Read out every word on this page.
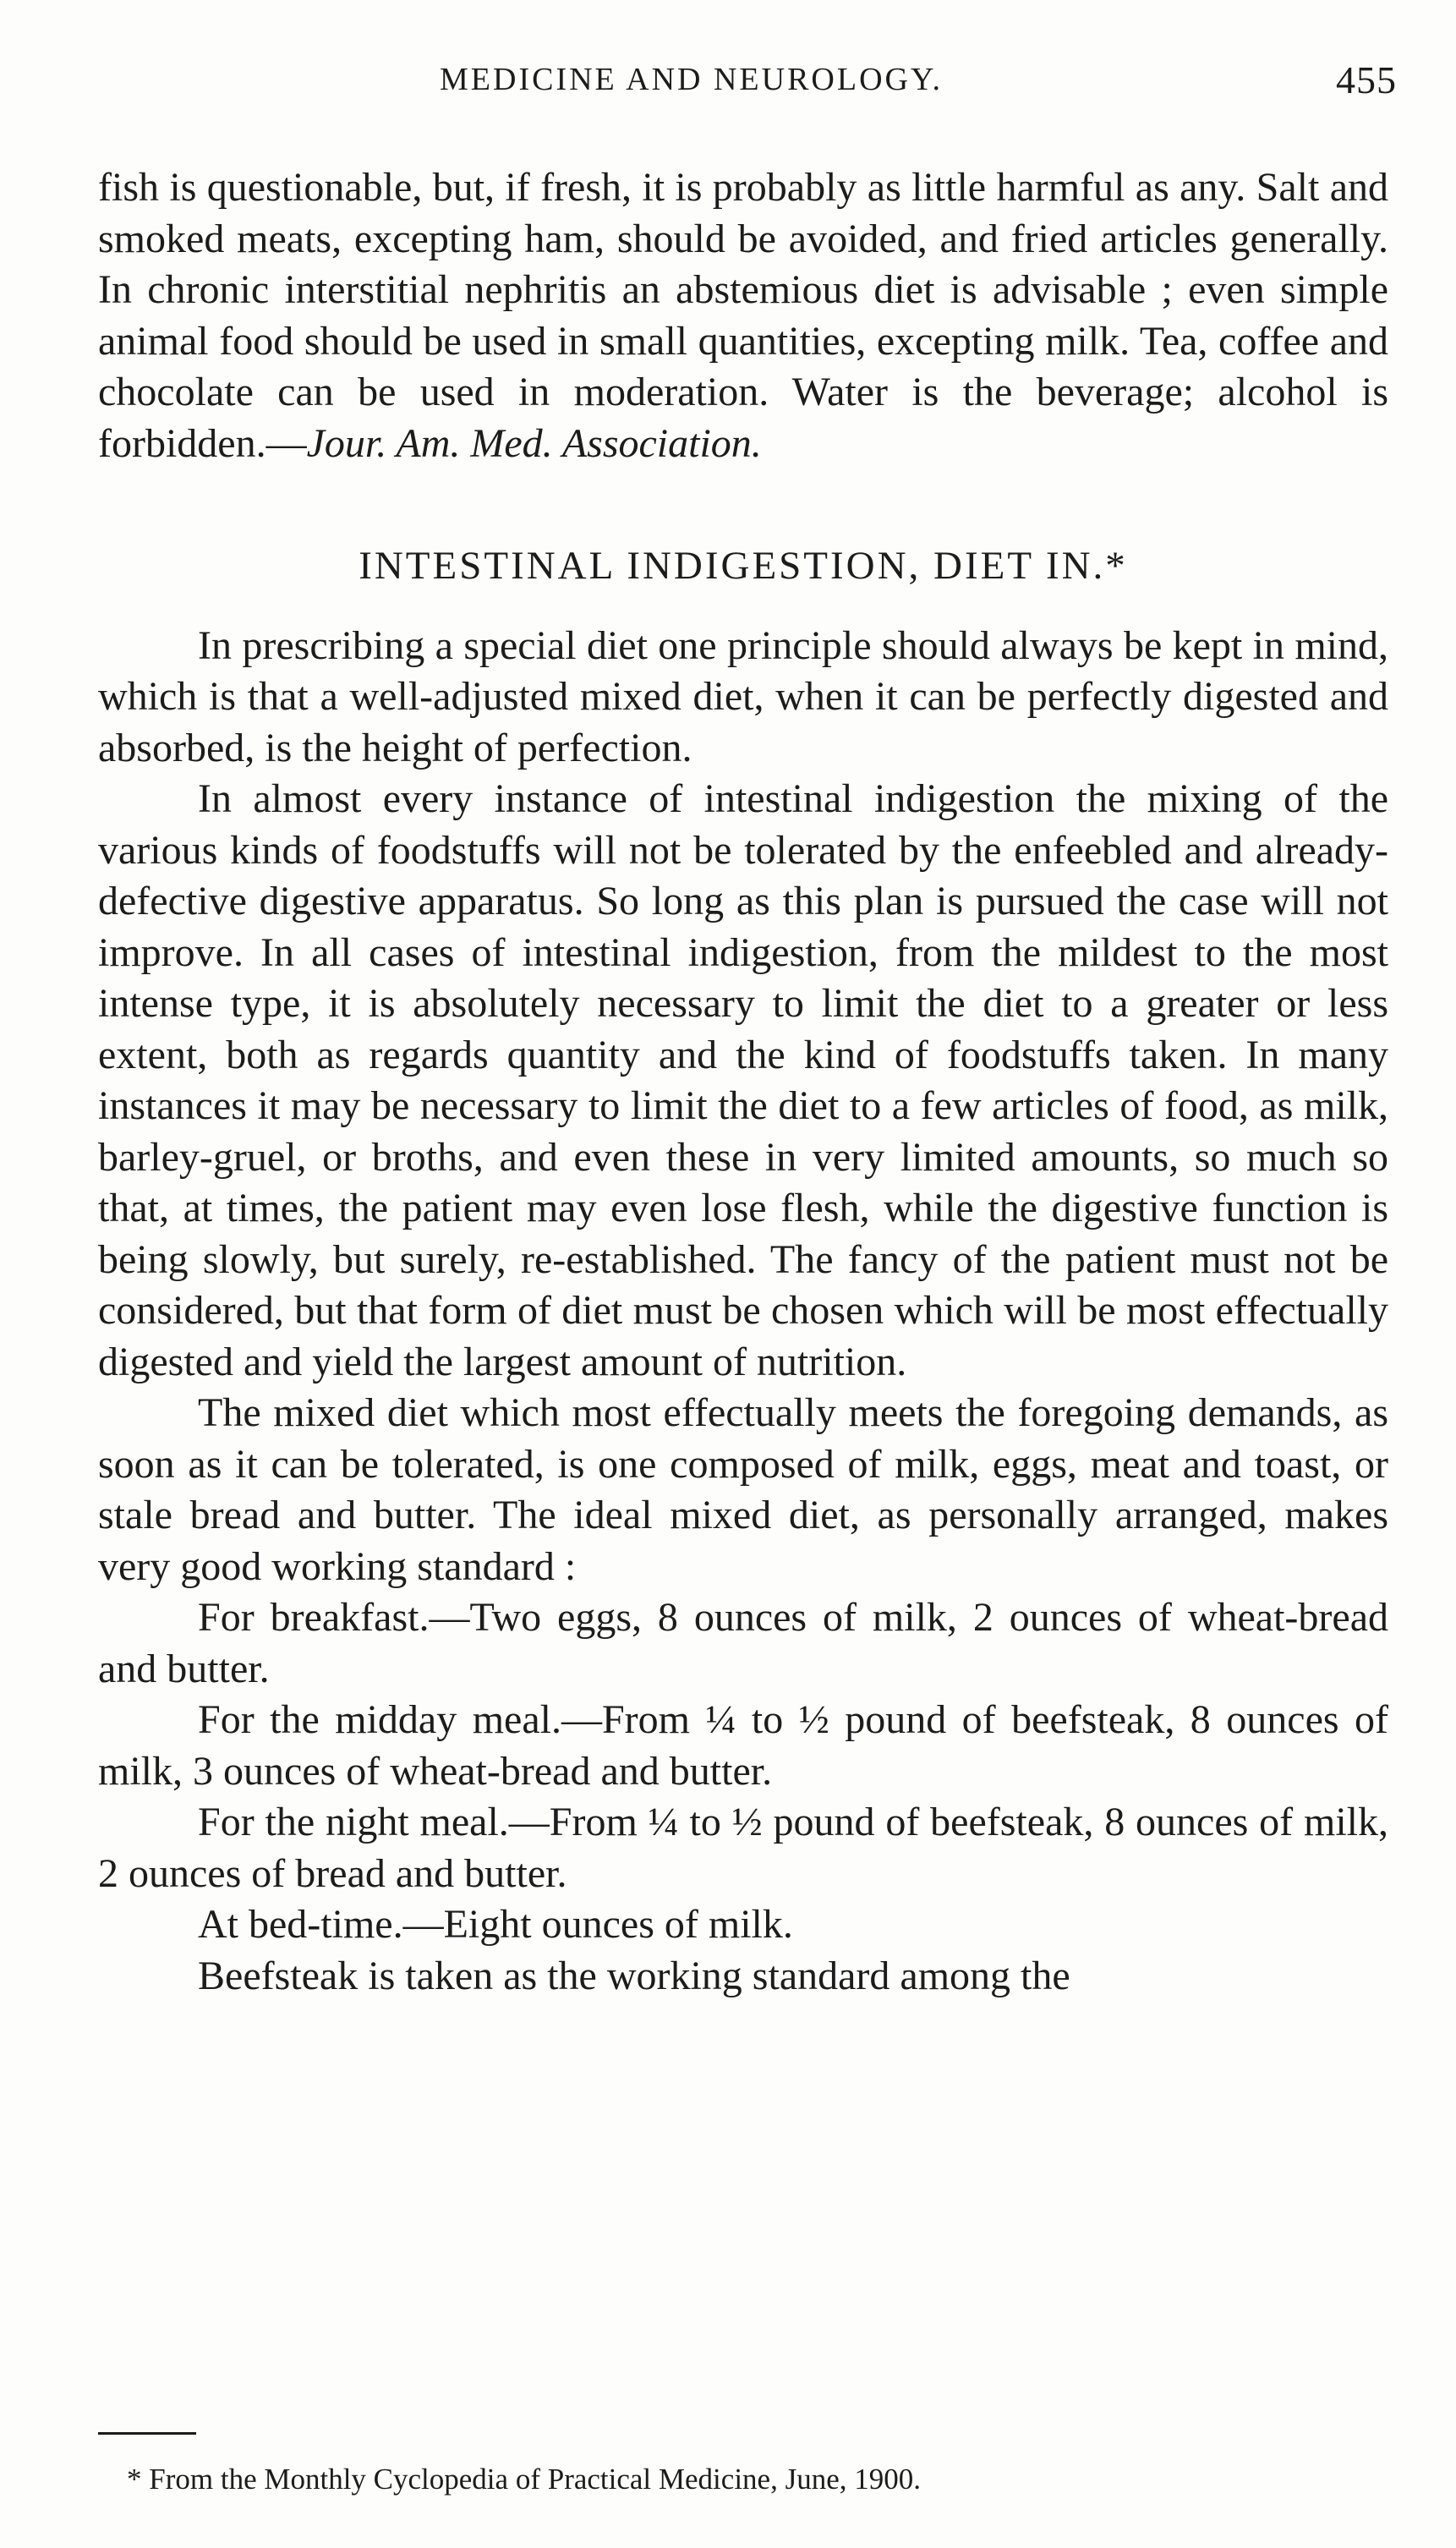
MEDICINE AND NEUROLOGY.	455

fish is questionable, but, if fresh, it is probably as little harmful as any. Salt and smoked meats, excepting ham, should be avoided, and fried articles generally. In chronic interstitial nephritis an abstemious diet is advisable ; even simple animal food should be used in small quantities, excepting milk. Tea, coffee and chocolate can be used in moderation. Water is the beverage; alcohol is forbidden.—Jour. Am. Med. Association.

INTESTINAL INDIGESTION, DIET IN.*

In prescribing a special diet one principle should always be kept in mind, which is that a well-adjusted mixed diet, when it can be perfectly digested and absorbed, is the height of perfection.

In almost every instance of intestinal indigestion the mixing of the various kinds of foodstuffs will not be tolerated by the enfeebled and already-defective digestive apparatus. So long as this plan is pursued the case will not improve. In all cases of intestinal indigestion, from the mildest to the most intense type, it is absolutely necessary to limit the diet to a greater or less extent, both as regards quantity and the kind of foodstuffs taken. In many instances it may be necessary to limit the diet to a few articles of food, as milk, barley-gruel, or broths, and even these in very limited amounts, so much so that, at times, the patient may even lose flesh, while the digestive function is being slowly, but surely, re-established. The fancy of the patient must not be considered, but that form of diet must be chosen which will be most effectually digested and yield the largest amount of nutrition.

The mixed diet which most effectually meets the foregoing demands, as soon as it can be tolerated, is one composed of milk, eggs, meat and toast, or stale bread and butter. The ideal mixed diet, as personally arranged, makes very good working standard :

For breakfast.—Two eggs, 8 ounces of milk, 2 ounces of wheat-bread and butter.

For the midday meal.—From ¼ to ½ pound of beefsteak, 8 ounces of milk, 3 ounces of wheat-bread and butter.

For the night meal.—From ¼ to ½ pound of beefsteak, 8 ounces of milk, 2 ounces of bread and butter.

At bed-time.—Eight ounces of milk.

Beefsteak is taken as the working standard among the

* From the Monthly Cyclopedia of Practical Medicine, June, 1900.
